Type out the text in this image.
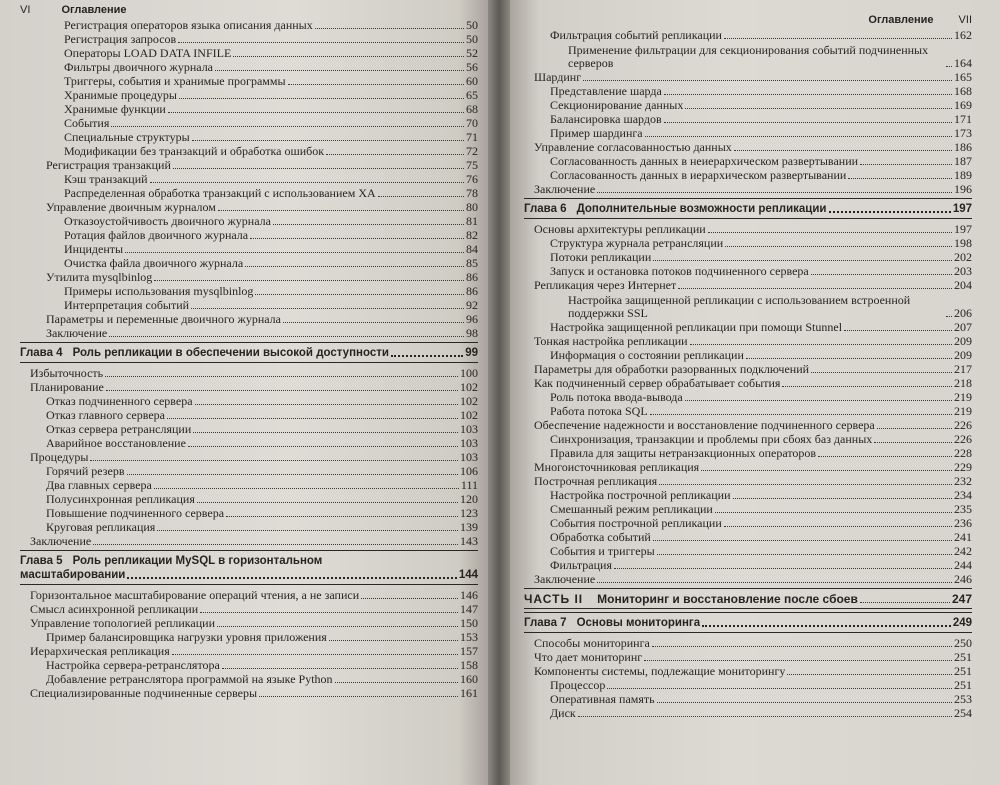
VI	Оглавление
Регистрация операторов языка описания данных	50
Регистрация запросов	50
Операторы LOAD DATA INFILE	52
Фильтры двоичного журнала	56
Триггеры, события и хранимые программы	60
Хранимые процедуры	65
Хранимые функции	68
События	70
Специальные структуры	71
Модификации без транзакций и обработка ошибок	72
Регистрация транзакций	75
Кэш транзакций	76
Распределенная обработка транзакций с использованием XA	78
Управление двоичным журналом	80
Отказоустойчивость двоичного журнала	81
Ротация файлов двоичного журнала	82
Инциденты	84
Очистка файла двоичного журнала	85
Утилита mysqlbinlog	86
Примеры использования mysqlbinlog	86
Интерпретация событий	92
Параметры и переменные двоичного журнала	96
Заключение	98
Глава 4 Роль репликации в обеспечении высокой доступности	99
Избыточность	100
Планирование	102
Отказ подчиненного сервера	102
Отказ главного сервера	102
Отказ сервера ретрансляции	103
Аварийное восстановление	103
Процедуры	103
Горячий резерв	106
Два главных сервера	111
Полусинхронная репликация	120
Повышение подчиненного сервера	123
Круговая репликация	139
Заключение	143
Глава 5 Роль репликации MySQL в горизонтальном
масштабировании	144
Горизонтальное масштабирование операций чтения, а не записи	146
Смысл асинхронной репликации	147
Управление топологией репликации	150
Пример балансировщика нагрузки уровня приложения	153
Иерархическая репликация	157
Настройка сервера-ретранслятора	158
Добавление ретранслятора программой на языке Python	160
Специализированные подчиненные серверы	161
Оглавление VII
Фильтрация событий репликации	162
Применение фильтрации для секционирования событий подчиненных серверов	164
Шардинг	165
Представление шарда	168
Секционирование данных	169
Балансировка шардов	171
Пример шардинга	173
Управление согласованностью данных	186
Согласованность данных в неиерархическом развертывании	187
Согласованность данных в иерархическом развертывании	189
Заключение	196
Глава 6 Дополнительные возможности репликации	197
Основы архитектуры репликации	197
Структура журнала ретрансляции	198
Потоки репликации	202
Запуск и остановка потоков подчиненного сервера	203
Репликация через Интернет	204
Настройка защищенной репликации с использованием встроенной поддержки SSL	206
Настройка защищенной репликации при помощи Stunnel	207
Тонкая настройка репликации	209
Информация о состоянии репликации	209
Параметры для обработки разорванных подключений	217
Как подчиненный сервер обрабатывает события	218
Роль потока ввода-вывода	219
Работа потока SQL	219
Обеспечение надежности и восстановление подчиненного сервера	226
Синхронизация, транзакции и проблемы при сбоях баз данных	226
Правила для защиты нетранзакционных операторов	228
Многоисточниковая репликация	229
Построчная репликация	232
Настройка построчной репликации	234
Смешанный режим репликации	235
События построчной репликации	236
Обработка событий	241
События и триггеры	242
Фильтрация	244
Заключение	246
ЧАСТЬ II Мониторинг и восстановление после сбоев	247
Глава 7 Основы мониторинга	249
Способы мониторинга	250
Что дает мониторинг	251
Компоненты системы, подлежащие мониторингу	251
Процессор	251
Оперативная память	253
Диск	254
